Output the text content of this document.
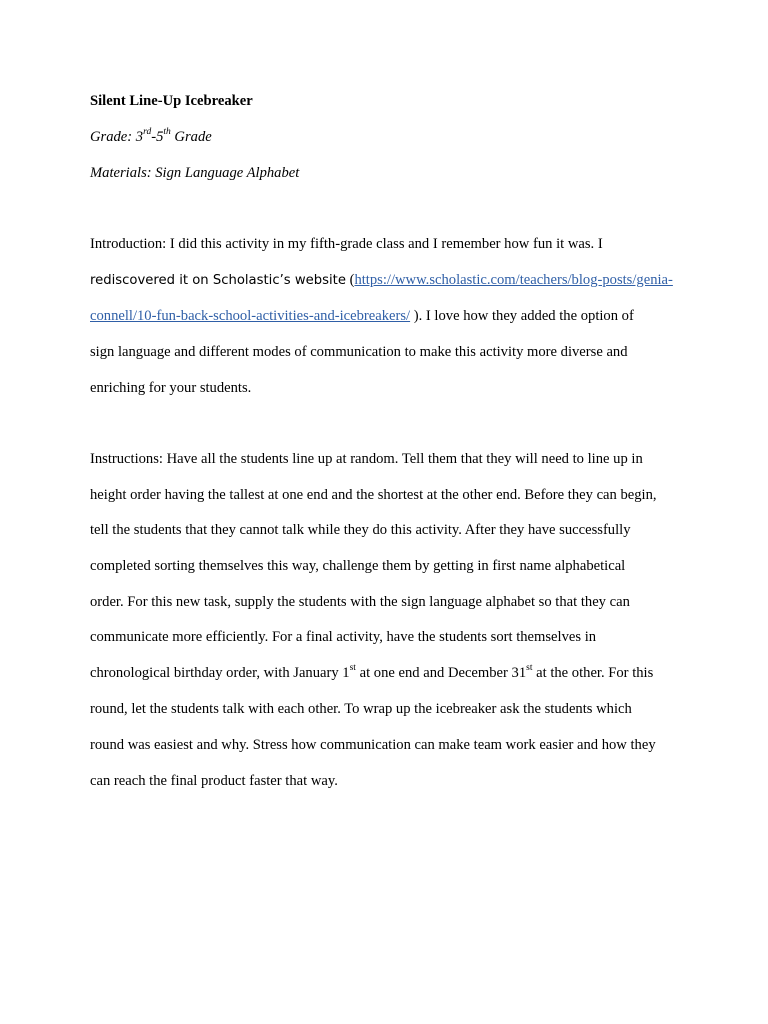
Silent Line-Up Icebreaker
Grade: 3rd-5th Grade
Materials: Sign Language Alphabet
Introduction: I did this activity in my fifth-grade class and I remember how fun it was. I
rediscovered it on Scholastic’s website (https://www.scholastic.com/teachers/blog-posts/genia-
connell/10-fun-back-school-activities-and-icebreakers/ ). I love how they added the option of
sign language and different modes of communication to make this activity more diverse and
enriching for your students.
Instructions: Have all the students line up at random. Tell them that they will need to line up in
height order having the tallest at one end and the shortest at the other end. Before they can begin,
tell the students that they cannot talk while they do this activity. After they have successfully
completed sorting themselves this way, challenge them by getting in first name alphabetical
order. For this new task, supply the students with the sign language alphabet so that they can
communicate more efficiently. For a final activity, have the students sort themselves in
chronological birthday order, with January 1st at one end and December 31st at the other. For this
round, let the students talk with each other. To wrap up the icebreaker ask the students which
round was easiest and why. Stress how communication can make team work easier and how they
can reach the final product faster that way.
